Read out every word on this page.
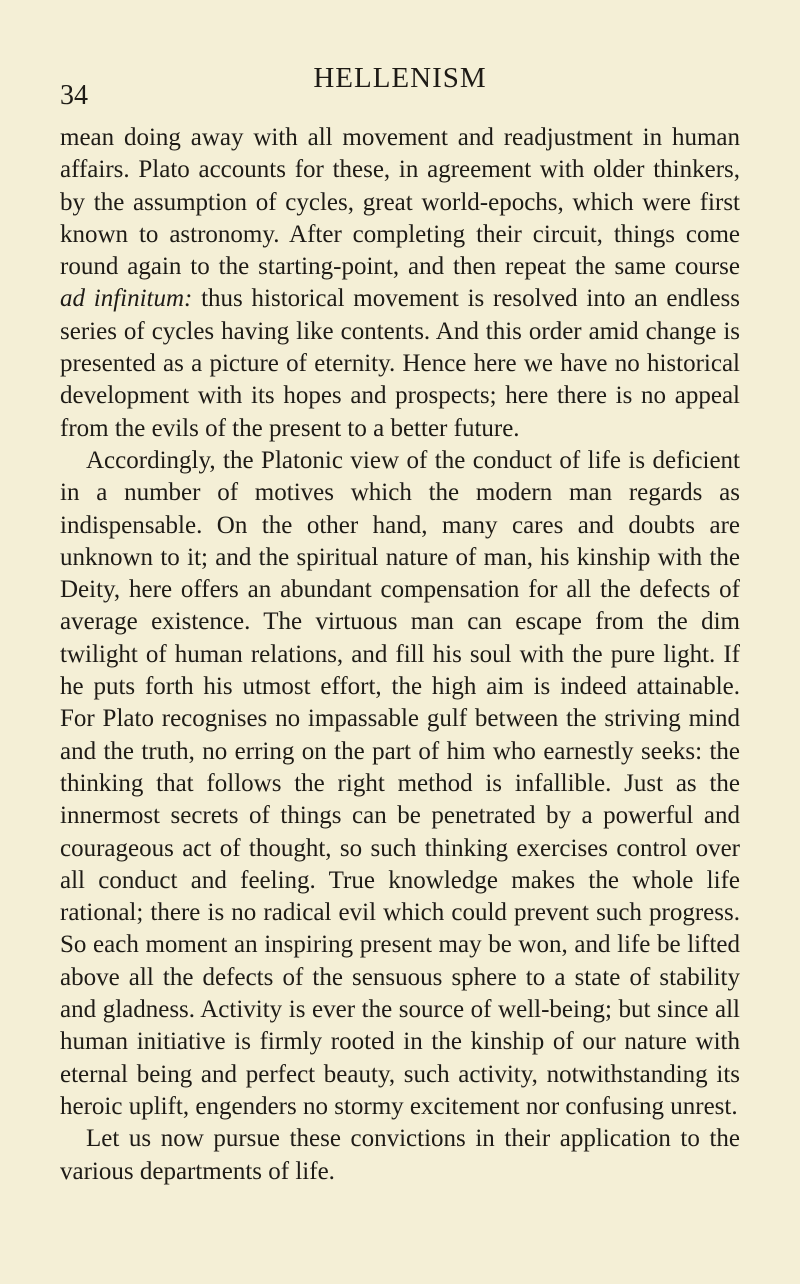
34
HELLENISM

mean doing away with all movement and readjustment in human affairs. Plato accounts for these, in agreement with older thinkers, by the assumption of cycles, great world-epochs, which were first known to astronomy. After completing their circuit, things come round again to the starting-point, and then repeat the same course ad infinitum: thus historical movement is resolved into an endless series of cycles having like contents. And this order amid change is presented as a picture of eternity. Hence here we have no historical development with its hopes and prospects; here there is no appeal from the evils of the present to a better future.

Accordingly, the Platonic view of the conduct of life is deficient in a number of motives which the modern man regards as indispensable. On the other hand, many cares and doubts are unknown to it; and the spiritual nature of man, his kinship with the Deity, here offers an abundant compensation for all the defects of average existence. The virtuous man can escape from the dim twilight of human relations, and fill his soul with the pure light. If he puts forth his utmost effort, the high aim is indeed attainable. For Plato recognises no impassable gulf between the striving mind and the truth, no erring on the part of him who earnestly seeks: the thinking that follows the right method is infallible. Just as the innermost secrets of things can be penetrated by a powerful and courageous act of thought, so such thinking exercises control over all conduct and feeling. True knowledge makes the whole life rational; there is no radical evil which could prevent such progress. So each moment an inspiring present may be won, and life be lifted above all the defects of the sensuous sphere to a state of stability and gladness. Activity is ever the source of well-being; but since all human initiative is firmly rooted in the kinship of our nature with eternal being and perfect beauty, such activity, notwithstanding its heroic uplift, engenders no stormy excitement nor confusing unrest.

Let us now pursue these convictions in their application to the various departments of life.
